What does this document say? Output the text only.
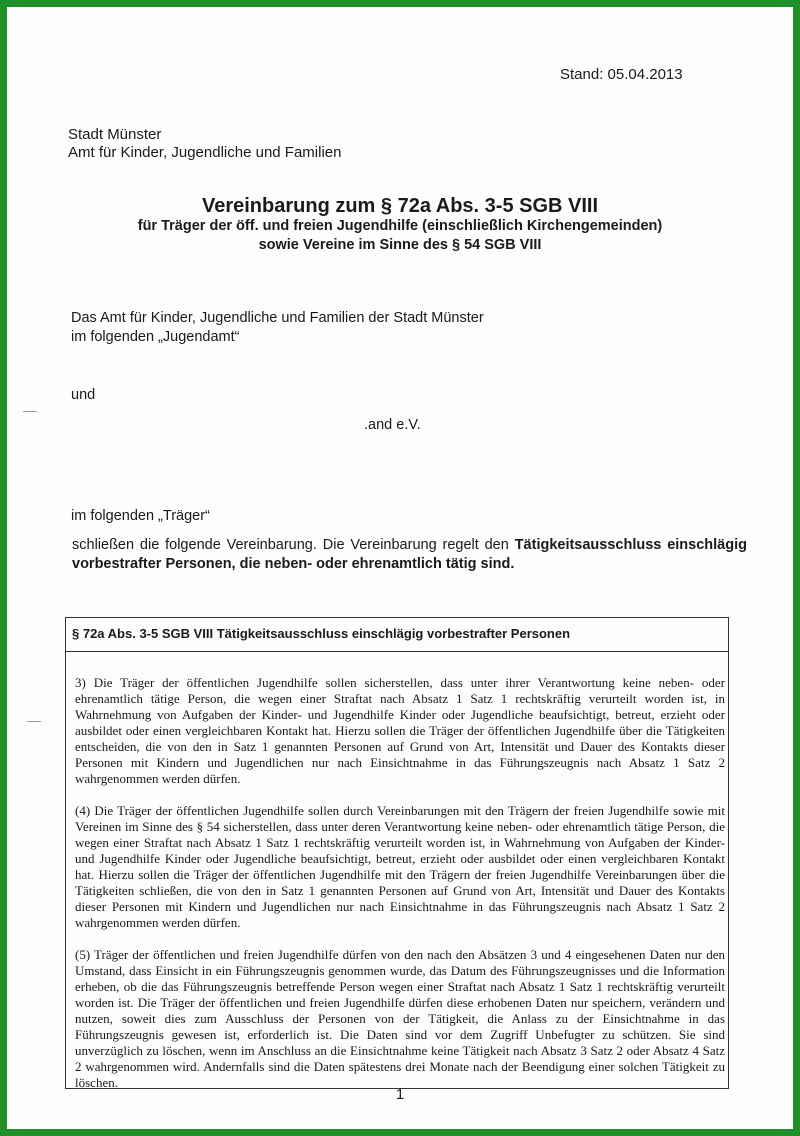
Stand: 05.04.2013
Stadt Münster
Amt für Kinder, Jugendliche und Familien
Vereinbarung zum § 72a Abs. 3-5 SGB VIII
für Träger der öff. und freien Jugendhilfe (einschließlich Kirchengemeinden)
sowie Vereine im Sinne des § 54 SGB VIII
Das Amt für Kinder, Jugendliche und Familien der Stadt Münster
im folgenden „Jugendamt“
und
.and e.V.
im folgenden „Träger“
schließen die folgende Vereinbarung. Die Vereinbarung regelt den Tätigkeitsausschluss einschlägig vorbestrafter Personen, die neben- oder ehrenamtlich tätig sind.
§ 72a Abs. 3-5 SGB VIII Tätigkeitsausschluss einschlägig vorbestrafter Personen
3) Die Träger der öffentlichen Jugendhilfe sollen sicherstellen, dass unter ihrer Verantwortung keine neben- oder ehrenamtlich tätige Person, die wegen einer Straftat nach Absatz 1 Satz 1 rechtskräftig verurteilt worden ist, in Wahrnehmung von Aufgaben der Kinder- und Jugendhilfe Kinder oder Jugendliche beaufsichtigt, betreut, erzieht oder ausbildet oder einen vergleichbaren Kontakt hat. Hierzu sollen die Träger der öffentlichen Jugendhilfe über die Tätigkeiten entscheiden, die von den in Satz 1 genannten Personen auf Grund von Art, Intensität und Dauer des Kontakts dieser Personen mit Kindern und Jugendlichen nur nach Einsichtnahme in das Führungszeugnis nach Absatz 1 Satz 2 wahrgenommen werden dürfen.
(4) Die Träger der öffentlichen Jugendhilfe sollen durch Vereinbarungen mit den Trägern der freien Jugendhilfe sowie mit Vereinen im Sinne des § 54 sicherstellen, dass unter deren Verantwortung keine neben- oder ehrenamtlich tätige Person, die wegen einer Straftat nach Absatz 1 Satz 1 rechtskräftig verurteilt worden ist, in Wahrnehmung von Aufgaben der Kinder- und Jugendhilfe Kinder oder Jugendliche beaufsichtigt, betreut, erzieht oder ausbildet oder einen vergleichbaren Kontakt hat. Hierzu sollen die Träger der öffentlichen Jugendhilfe mit den Trägern der freien Jugendhilfe Vereinbarungen über die Tätigkeiten schließen, die von den in Satz 1 genannten Personen auf Grund von Art, Intensität und Dauer des Kontakts dieser Personen mit Kindern und Jugendlichen nur nach Einsichtnahme in das Führungszeugnis nach Absatz 1 Satz 2 wahrgenommen werden dürfen.
(5) Träger der öffentlichen und freien Jugendhilfe dürfen von den nach den Absätzen 3 und 4 eingesehenen Daten nur den Umstand, dass Einsicht in ein Führungszeugnis genommen wurde, das Datum des Führungszeugnisses und die Information erheben, ob die das Führungszeugnis betreffende Person wegen einer Straftat nach Absatz 1 Satz 1 rechtskräftig verurteilt worden ist. Die Träger der öffentlichen und freien Jugendhilfe dürfen diese erhobenen Daten nur speichern, verändern und nutzen, soweit dies zum Ausschluss der Personen von der Tätigkeit, die Anlass zu der Einsichtnahme in das Führungszeugnis gewesen ist, erforderlich ist. Die Daten sind vor dem Zugriff Unbefugter zu schützen. Sie sind unverzüglich zu löschen, wenn im Anschluss an die Einsichtnahme keine Tätigkeit nach Absatz 3 Satz 2 oder Absatz 4 Satz 2 wahrgenommen wird. Andernfalls sind die Daten spätestens drei Monate nach der Beendigung einer solchen Tätigkeit zu löschen.
1
